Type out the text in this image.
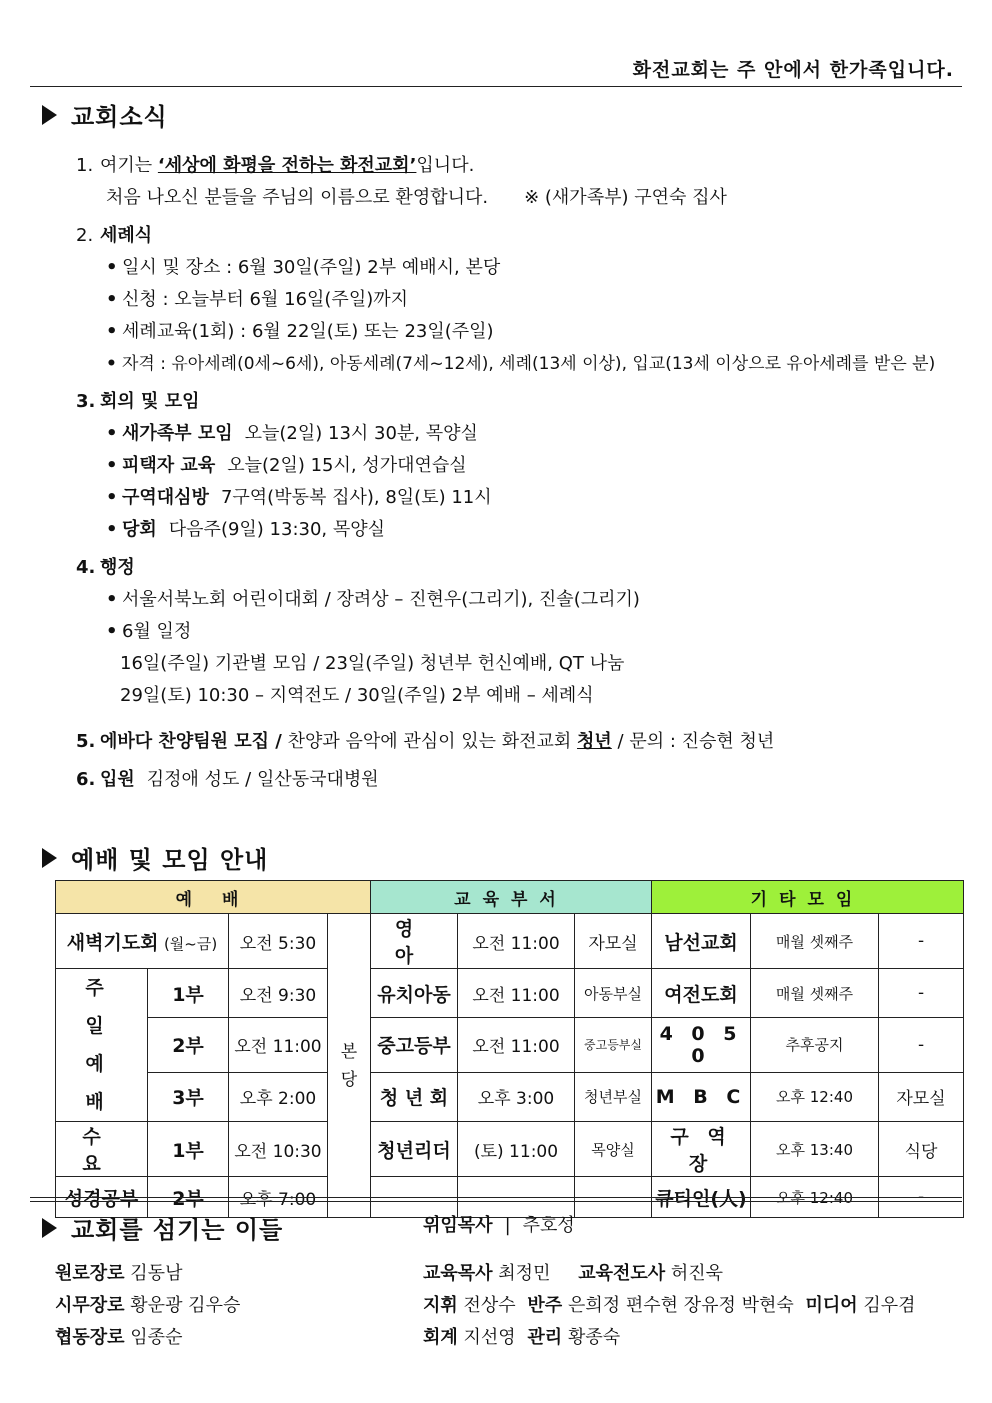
화전교회는 주 안에서 한가족입니다.
교회소식
1. 여기는 ‘세상에 화평을 전하는 화전교회’입니다.
처음 나오신 분들을 주님의 이름으로 환영합니다. ※ (새가족부) 구연숙 집사
2. 세례식
• 일시 및 장소 : 6월 30일(주일) 2부 예배시, 본당
• 신청 : 오늘부터 6월 16일(주일)까지
• 세례교육(1회) : 6월 22일(토) 또는 23일(주일)
• 자격 : 유아세례(0세~6세), 아동세례(7세~12세), 세례(13세 이상), 입교(13세 이상으로 유아세례를 받은 분)
3. 회의 및 모임
• 새가족부 모임 오늘(2일) 13시 30분, 목양실
• 피택자 교육 오늘(2일) 15시, 성가대연습실
• 구역대심방 7구역(박동복 집사), 8일(토) 11시
• 당회 다음주(9일) 13:30, 목양실
4. 행정
• 서울서북노회 어린이대회 / 장려상 – 진현우(그리기), 진솔(그리기)
• 6월 일정
16일(주일) 기관별 모임 / 23일(주일) 청년부 헌신예배, QT 나눔
29일(토) 10:30 – 지역전도 / 30일(주일) 2부 예배 – 세례식
5. 에바다 찬양팀원 모집 / 찬양과 음악에 관심이 있는 화전교회 청년 / 문의 : 진승현 청년
6. 입원 김정애 성도 / 일산동국대병원
예배 및 모임 안내
예 배				교육부서			기타모임		
새벽기도회 (월~금)		오전 5:30	본 당	영 아	오전 11:00	자모실	남선교회	매월 셋째주	-
주 일 예 배	1부	오전 9:30		유치아동	오전 11:00	아동부실	여전도회	매월 셋째주	-
	2부	오전 11:00		중고등부	오전 11:00	중고등부실	4 0 5 0	추후공지	-
	3부	오후 2:00		청 년 회	오후 3:00	청년부실	M B C	오후 12:40	자모실
수 요	1부	오전 10:30		청년리더	(토) 11:00	목양실	구 역 장	오후 13:40	식당
성경공부	2부	오후 7:00					큐티인(人)	오후 12:40	-
교회를 섬기는 이들	위임목사 | 추호성
원로장로 김동남
시무장로 황운광 김우승
협동장로 임종순
교육목사 최정민 교육전도사 허진욱
지휘 전상수 반주 은희정 편수현 장유정 박현숙 미디어 김우겸
회계 지선영 관리 황종숙
